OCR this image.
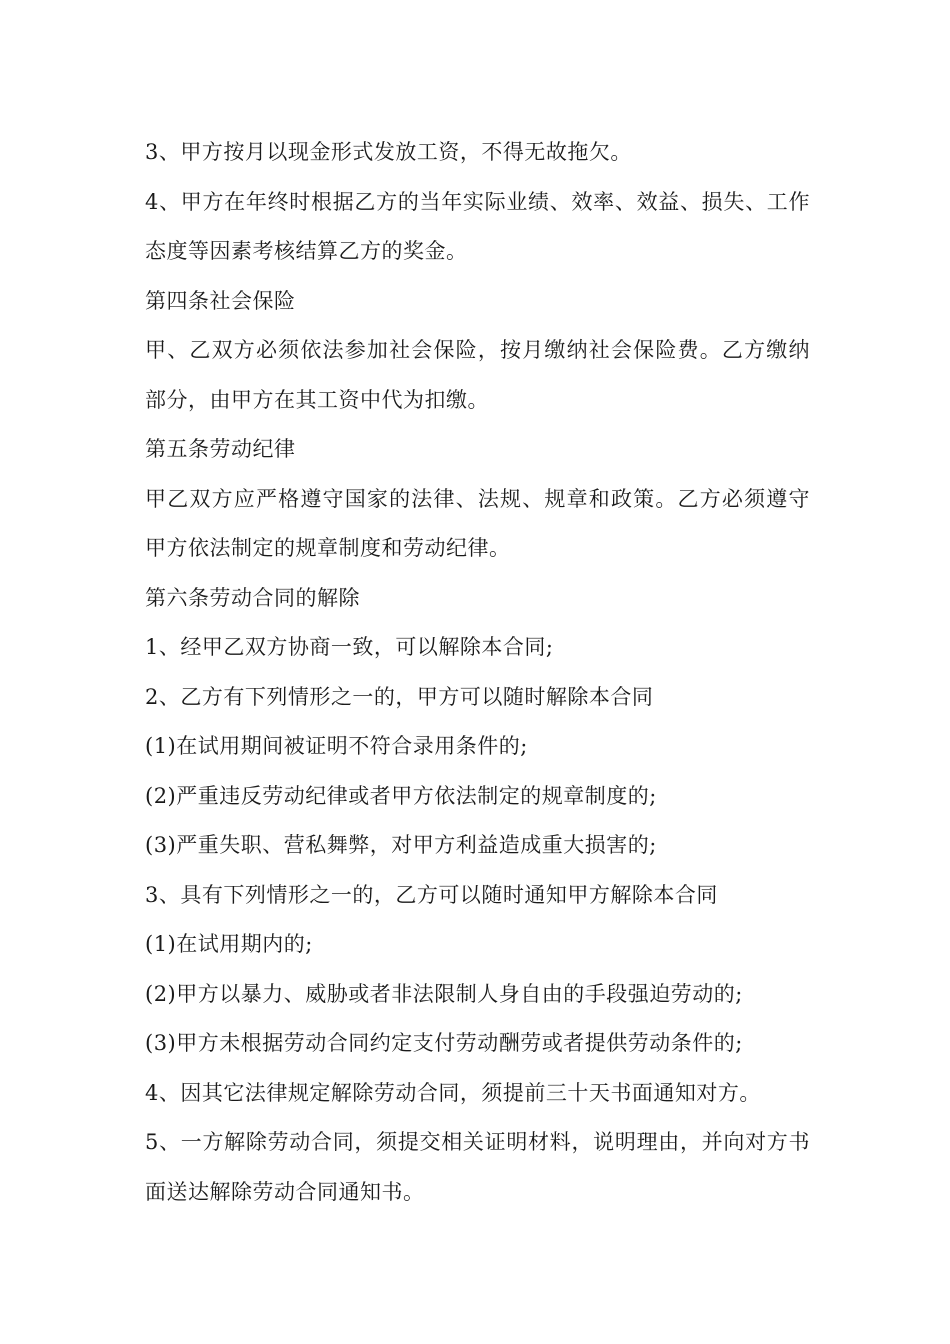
3、甲方按月以现金形式发放工资，不得无故拖欠。

4、甲方在年终时根据乙方的当年实际业绩、效率、效益、损失、工作态度等因素考核结算乙方的奖金。

第四条社会保险

甲、乙双方必须依法参加社会保险，按月缴纳社会保险费。乙方缴纳部分，由甲方在其工资中代为扣缴。

第五条劳动纪律

甲乙双方应严格遵守国家的法律、法规、规章和政策。乙方必须遵守甲方依法制定的规章制度和劳动纪律。

第六条劳动合同的解除

1、经甲乙双方协商一致，可以解除本合同;

2、乙方有下列情形之一的，甲方可以随时解除本合同

(1)在试用期间被证明不符合录用条件的;

(2)严重违反劳动纪律或者甲方依法制定的规章制度的;

(3)严重失职、营私舞弊，对甲方利益造成重大损害的;

3、具有下列情形之一的，乙方可以随时通知甲方解除本合同

(1)在试用期内的;

(2)甲方以暴力、威胁或者非法限制人身自由的手段强迫劳动的;

(3)甲方未根据劳动合同约定支付劳动酬劳或者提供劳动条件的;

4、因其它法律规定解除劳动合同，须提前三十天书面通知对方。

5、一方解除劳动合同，须提交相关证明材料，说明理由，并向对方书面送达解除劳动合同通知书。
